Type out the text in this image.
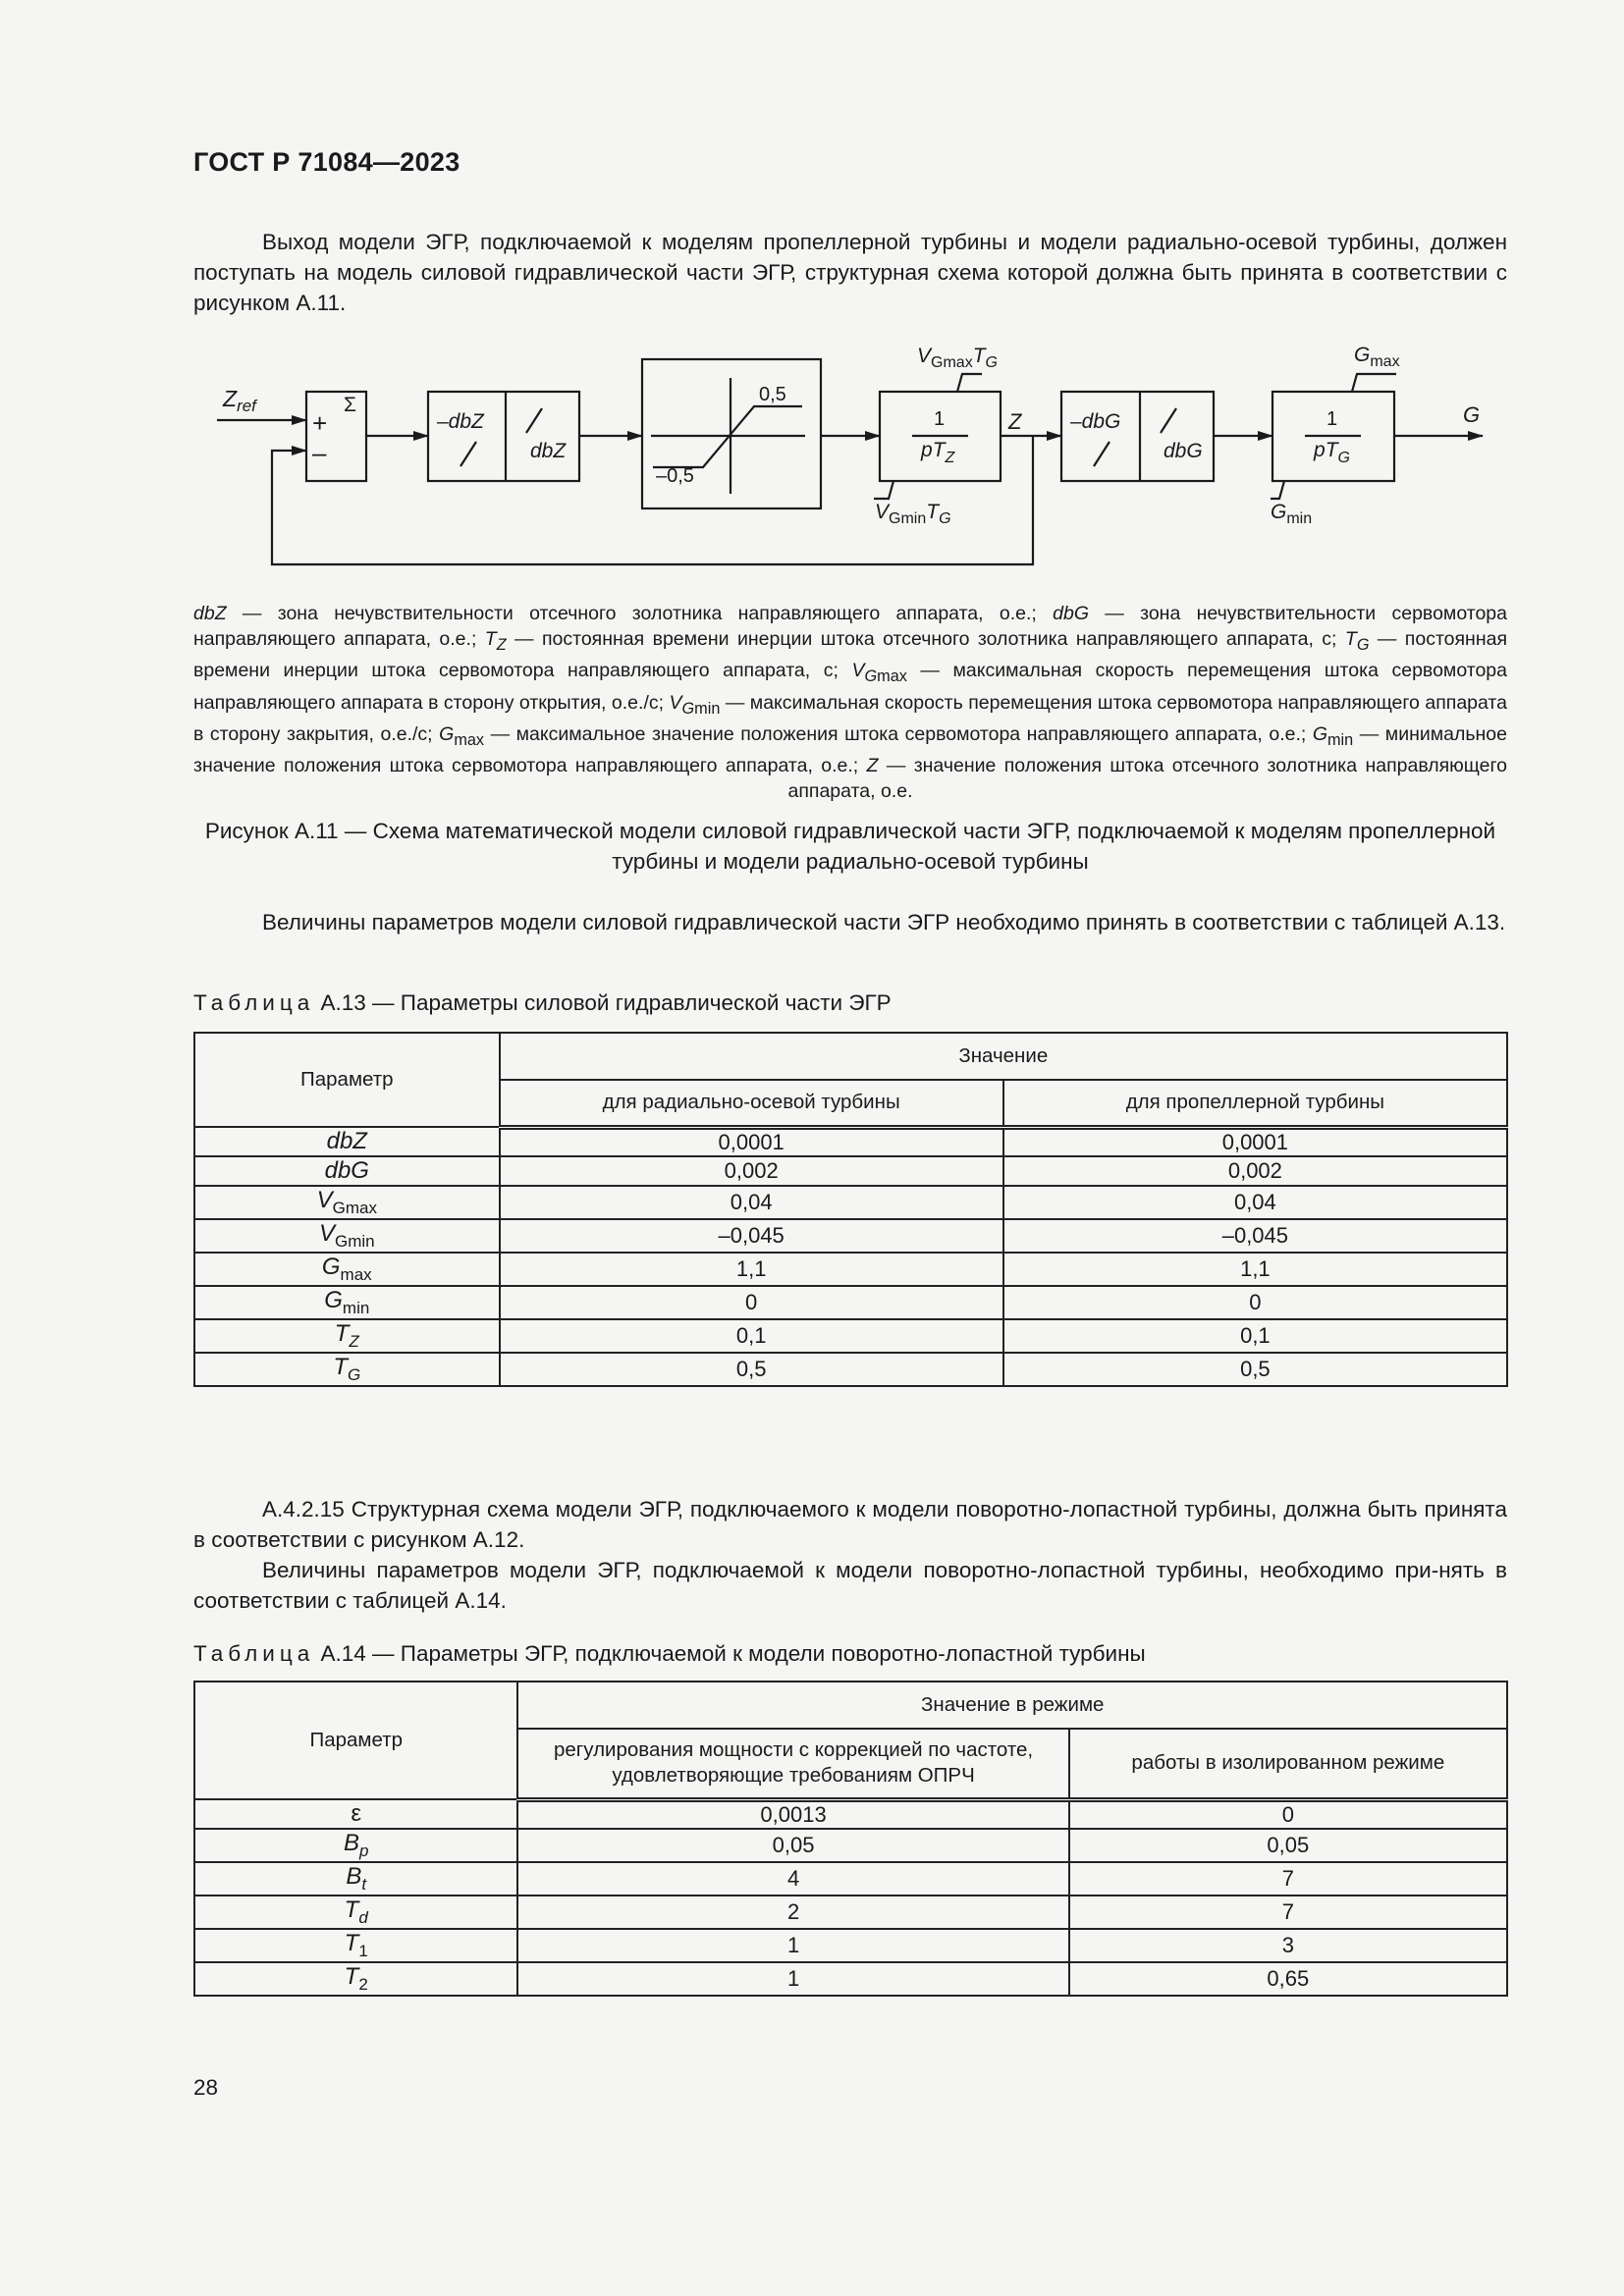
ГОСТ Р 71084—2023
Выход модели ЭГР, подключаемой к моделям пропеллерной турбины и модели радиально-осевой турбины, должен поступать на модель силовой гидравлической части ЭГР, структурная схема которой должна быть принята в соответствии с рисунком А.11.
$Z_{ref}$	Σ
+
–
–dbZ
dbZ
0,5
–0,5
1
$pT_Z$
$V_{Gmax}T_G$
$V_{Gmin}T_G$
Z –dbG
dbG
1
$pT_G$
$G_{max}$
$G_{min}$
G
dbZ — зона нечувствительности отсечного золотника направляющего аппарата, о.е.; dbG — зона нечувствительности сервомотора направляющего аппарата, о.е.; $T_Z$ — постоянная времени инерции штока отсечного золотника направляющего аппарата, с; $T_G$ — постоянная времени инерции штока сервомотора направляющего аппарата, с; $V_{Gmax}$ — максимальная скорость перемещения штока сервомотора направляющего аппарата в сторону открытия, о.е./с; $V_{Gmin}$ — максимальная скорость перемещения штока сервомотора направляющего аппарата в сторону закрытия, о.е./с; $G_{max}$ — максимальное значение положения штока сервомотора направляющего аппарата, о.е.; $G_{min}$ — минимальное значение положения штока сервомотора направляющего аппарата, о.е.; Z — значение положения штока отсечного золотника направляющего аппарата, о.е.
Рисунок А.11 — Схема математической модели силовой гидравлической части ЭГР, подключаемой к моделям пропеллерной турбины и модели радиально-осевой турбины
Величины параметров модели силовой гидравлической части ЭГР необходимо принять в соответствии с таблицей А.13.
Таблица А.13 — Параметры силовой гидравлической части ЭГР
Параметр	Значение	
	для радиально-осевой турбины	для пропеллерной турбины
dbZ	0,0001	0,0001
dbG	0,002	0,002
$V_{Gmax}$	0,04	0,04
$V_{Gmin}$	–0,045	–0,045
$G_{max}$	1,1	1,1
$G_{min}$	0	0
$T_Z$	0,1	0,1
$T_G$	0,5	0,5
А.4.2.15 Структурная схема модели ЭГР, подключаемого к модели поворотно-лопастной турбины, должна быть принята в соответствии с рисунком А.12.
Величины параметров модели ЭГР, подключаемой к модели поворотно-лопастной турбины, необходимо при-нять в соответствии с таблицей А.14.
Таблица А.14 — Параметры ЭГР, подключаемой к модели поворотно-лопастной турбины
Параметр	Значение в режиме	
	регулирования мощности с коррекцией по частоте, удовлетворяющие требованиям ОПРЧ	работы в изолированном режиме
ε	0,0013	0
$B_p$	0,05	0,05
$B_t$	4	7
$T_d$	2	7
$T_1$	1	3
$T_2$	1	0,65
28
